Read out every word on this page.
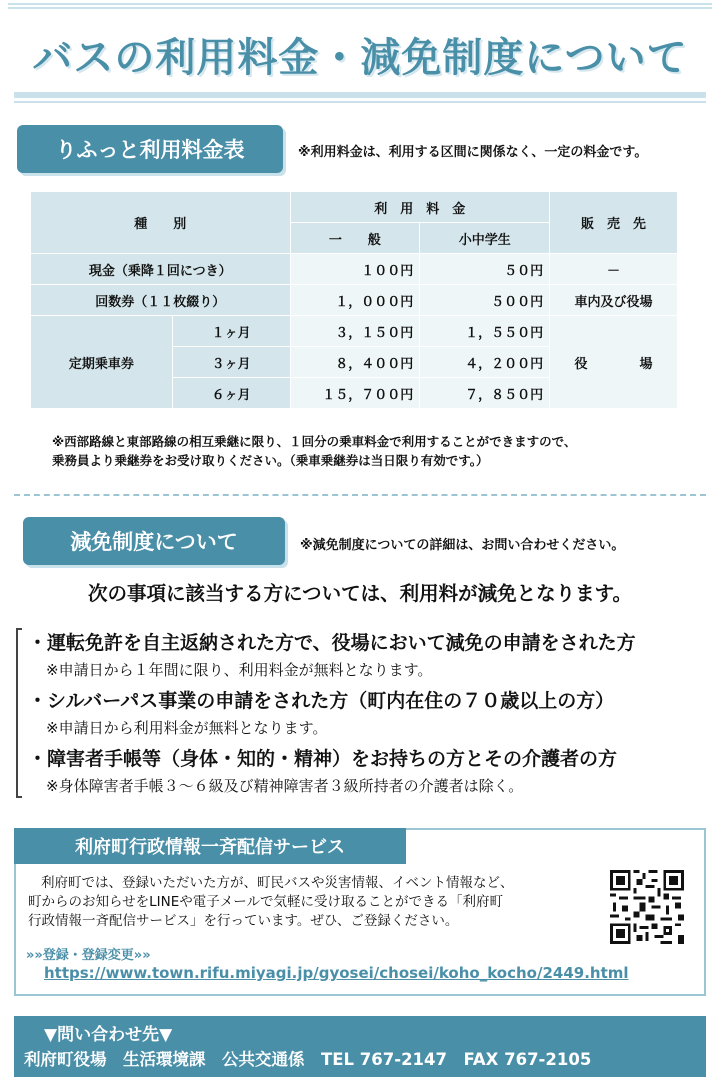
バスの利用料金・減免制度について
りふっと利用料金表	※利用料金は、利用する区間に関係なく、一定の料金です。
種　　別		利　用　料　金		販　売　先
		一　　般	小中学生	
現金（乗降１回につき）		１００円	５０円	－
回数券（１１枚綴り）		１，０００円	５００円	車内及び役場
定期乗車券	１ヶ月	３，１５０円	１，５５０円	役　　　　場
	３ヶ月	８，４００円	４，２００円	
	６ヶ月	１５，７００円	７，８５０円	
※西部路線と東部路線の相互乗継に限り、１回分の乗車料金で利用することができますので、
乗務員より乗継券をお受け取りください。（乗車乗継券は当日限り有効です。）
減免制度について	※減免制度についての詳細は、お問い合わせください。
次の事項に該当する方については、利用料が減免となります。
・運転免許を自主返納された方で、役場において減免の申請をされた方
※申請日から１年間に限り、利用料金が無料となります。
・シルバーパス事業の申請をされた方（町内在住の７０歳以上の方）
※申請日から利用料金が無料となります。
・障害者手帳等（身体・知的・精神）をお持ちの方とその介護者の方
※身体障害者手帳３～６級及び精神障害者３級所持者の介護者は除く。
利府町行政情報一斉配信サービス
利府町では、登録いただいた方が、町民バスや災害情報、イベント情報など、
町からのお知らせをLINEや電子メールで気軽に受け取ることができる「利府町
行政情報一斉配信サービス」を行っています。ぜひ、ご登録ください。
»»登録・登録変更»»
https://www.town.rifu.miyagi.jp/gyosei/chosei/koho_kocho/2449.html
▼問い合わせ先▼
利府町役場　生活環境課　公共交通係　TEL 767-2147　FAX 767-2105
